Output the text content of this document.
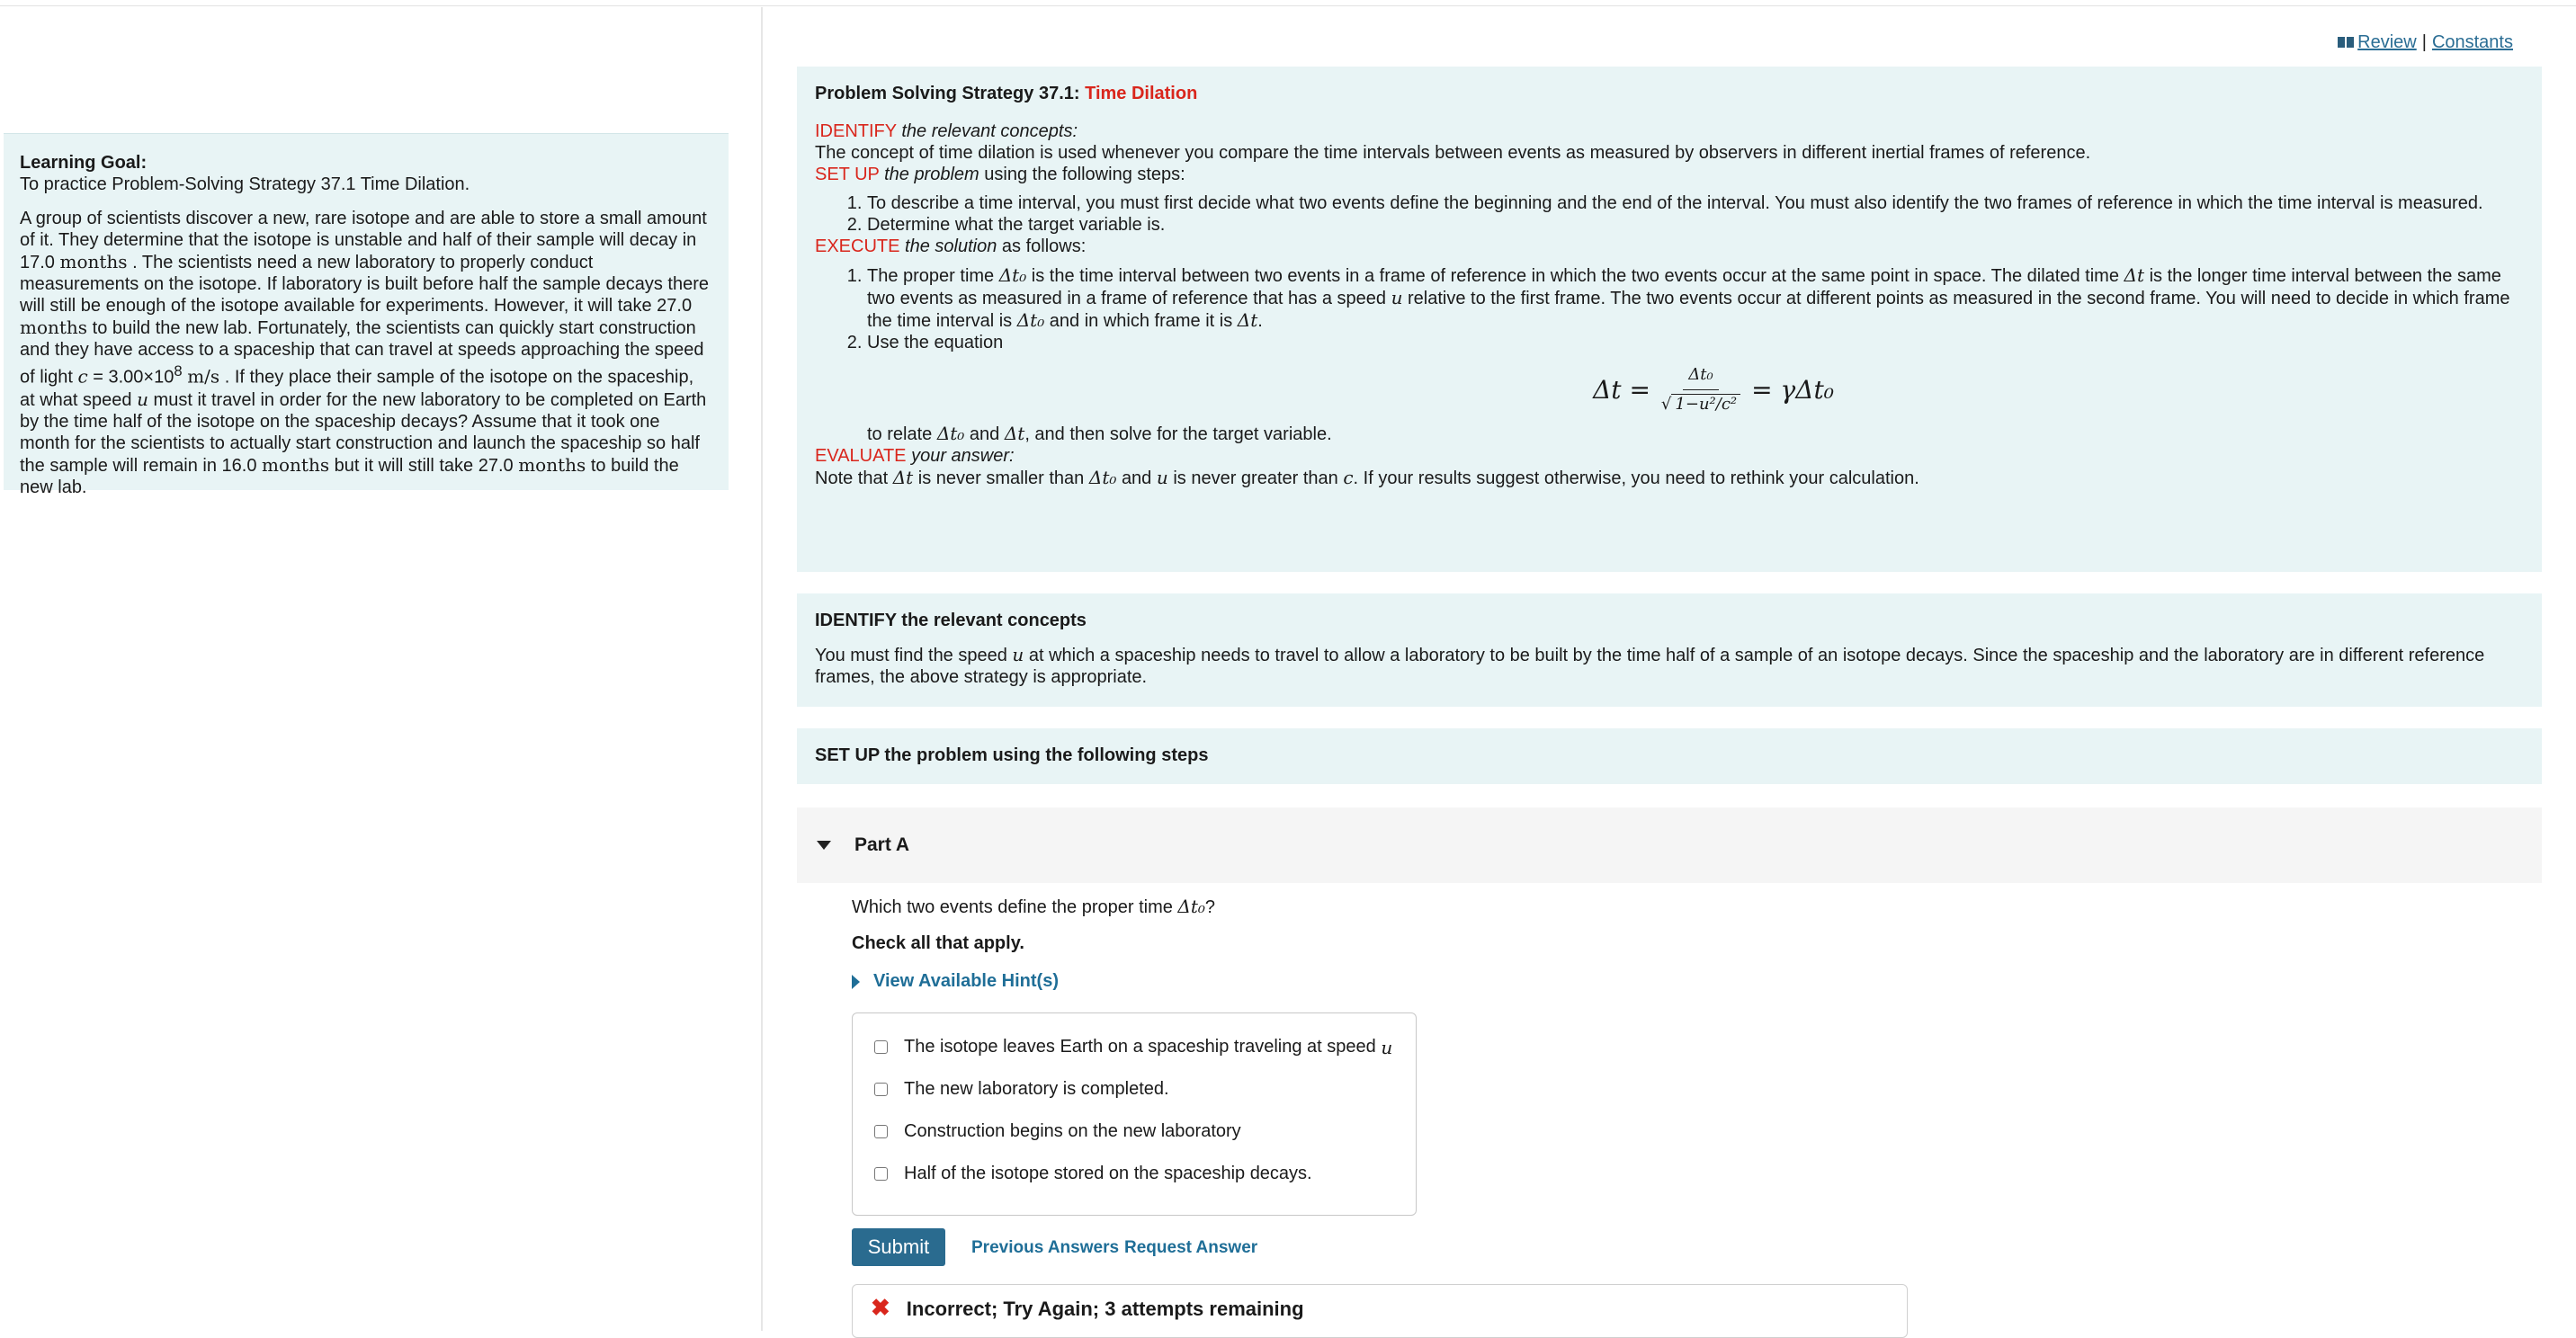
Learning Goal:

To practice Problem-Solving Strategy 37.1 Time Dilation.

A group of scientists discover a new, rare isotope and are able to store a small amount of it. They determine that the isotope is unstable and half of their sample will decay in 17.0 months . The scientists need a new laboratory to properly conduct measurements on the isotope. If laboratory is built before half the sample decays there will still be enough of the isotope available for experiments. However, it will take 27.0 months to build the new lab. Fortunately, the scientists can quickly start construction and they have access to a spaceship that can travel at speeds approaching the speed of light $c = 3.00\times 10^8$ m/s . If they place their sample of the isotope on the spaceship, at what speed u must it travel in order for the new laboratory to be completed on Earth by the time half of the isotope on the spaceship decays? Assume that it took one month for the scientists to actually start construction and launch the spaceship so half the sample will remain in 16.0 months but it will still take 27.0 months to build the new lab.

Review | Constants

Problem Solving Strategy 37.1: Time Dilation

IDENTIFY the relevant concepts:

The concept of time dilation is used whenever you compare the time intervals between events as measured by observers in different inertial frames of reference.

SET UP the problem using the following steps:

1. To describe a time interval, you must first decide what two events define the beginning and the end of the interval. You must also identify the two frames of reference in which the time interval is measured.
2. Determine what the target variable is.

EXECUTE the solution as follows:

1. The proper time Δt₀ is the time interval between two events in a frame of reference in which the two events occur at the same point in space. The dilated time Δt is the longer time interval between the same two events as measured in a frame of reference that has a speed u relative to the first frame. The two events occur at different points as measured in the second frame. You will need to decide in which frame the time interval is Δt₀ and in which frame it is Δt.
2. Use the equation
$\Delta t = \frac{\text{Δt₀}}{\text{√ 1−u²/c²}} = \gamma\Delta t_0$
to relate Δt₀ and Δt, and then solve for the target variable.

EVALUATE your answer:

Note that Δt is never smaller than Δt₀ and u is never greater than c. If your results suggest otherwise, you need to rethink your calculation.

IDENTIFY the relevant concepts

You must find the speed u at which a spaceship needs to travel to allow a laboratory to be built by the time half of a sample of an isotope decays. Since the spaceship and the laboratory are in different reference frames, the above strategy is appropriate.

SET UP the problem using the following steps
Part A
Which two events define the proper time Δt₀?
Check all that apply.
View Available Hint(s)
The isotope leaves Earth on a spaceship traveling at speed
u
The new laboratory is completed.
Construction begins on the new laboratory
Half of the isotope stored on the spaceship decays.
Submit	Previous Answers Request Answer
✖ Incorrect; Try Again; 3 attempts remaining
